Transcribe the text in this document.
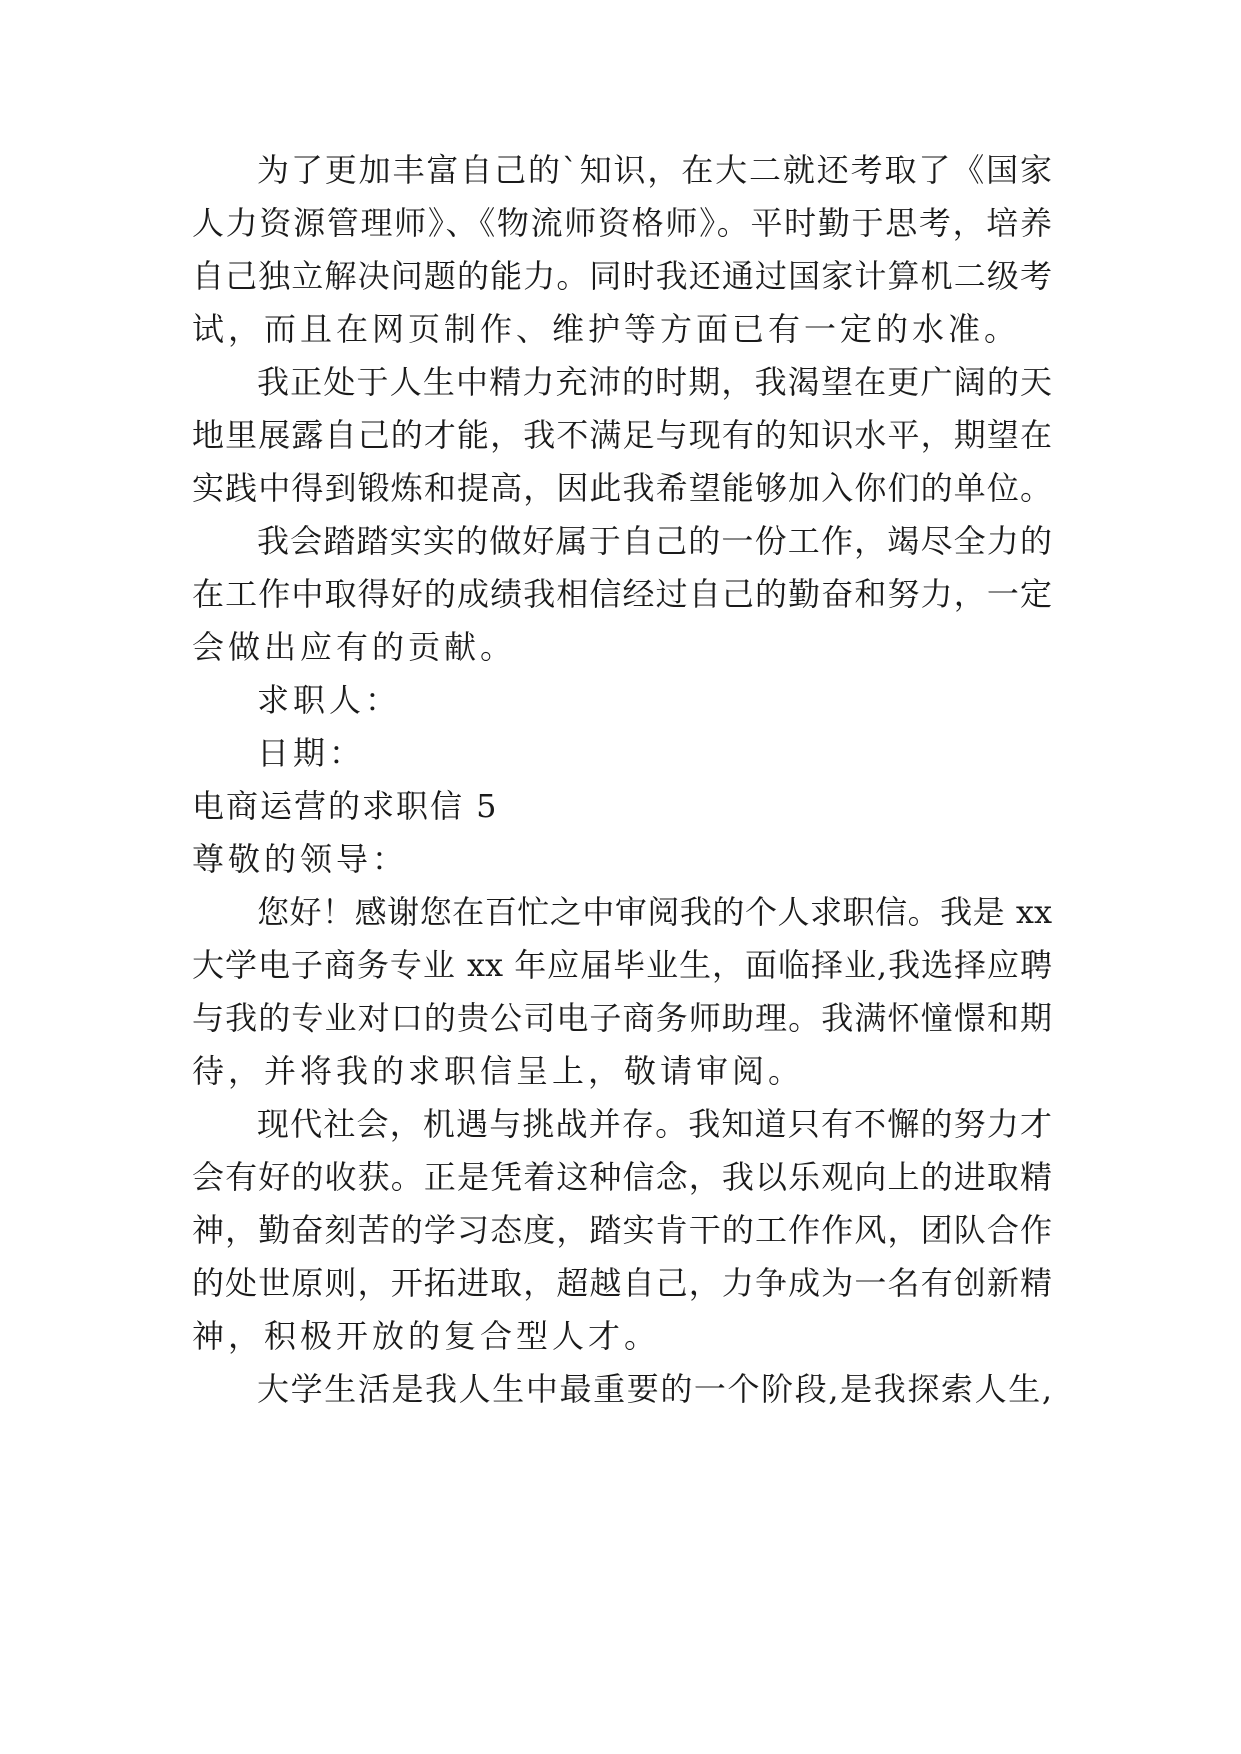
为了更加丰富自己的`知识，在大二就还考取了《国家
人力资源管理师》、《物流师资格师》。平时勤于思考，培养
自己独立解决问题的能力。同时我还通过国家计算机二级考
试，而且在网页制作、维护等方面已有一定的水准。
我正处于人生中精力充沛的时期，我渴望在更广阔的天
地里展露自己的才能，我不满足与现有的知识水平，期望在
实践中得到锻炼和提高，因此我希望能够加入你们的单位。
我会踏踏实实的做好属于自己的一份工作，竭尽全力的
在工作中取得好的成绩我相信经过自己的勤奋和努力，一定
会做出应有的贡献。
求职人：
日期：
电商运营的求职信 5
尊敬的领导：
您好！感谢您在百忙之中审阅我的个人求职信。我是 xx
大学电子商务专业 xx 年应届毕业生，面临择业,我选择应聘
与我的专业对口的贵公司电子商务师助理。我满怀憧憬和期
待，并将我的求职信呈上，敬请审阅。
现代社会，机遇与挑战并存。我知道只有不懈的努力才
会有好的收获。正是凭着这种信念，我以乐观向上的进取精
神，勤奋刻苦的学习态度，踏实肯干的工作作风，团队合作
的处世原则，开拓进取，超越自己，力争成为一名有创新精
神，积极开放的复合型人才。
大学生活是我人生中最重要的一个阶段,是我探索人生,
